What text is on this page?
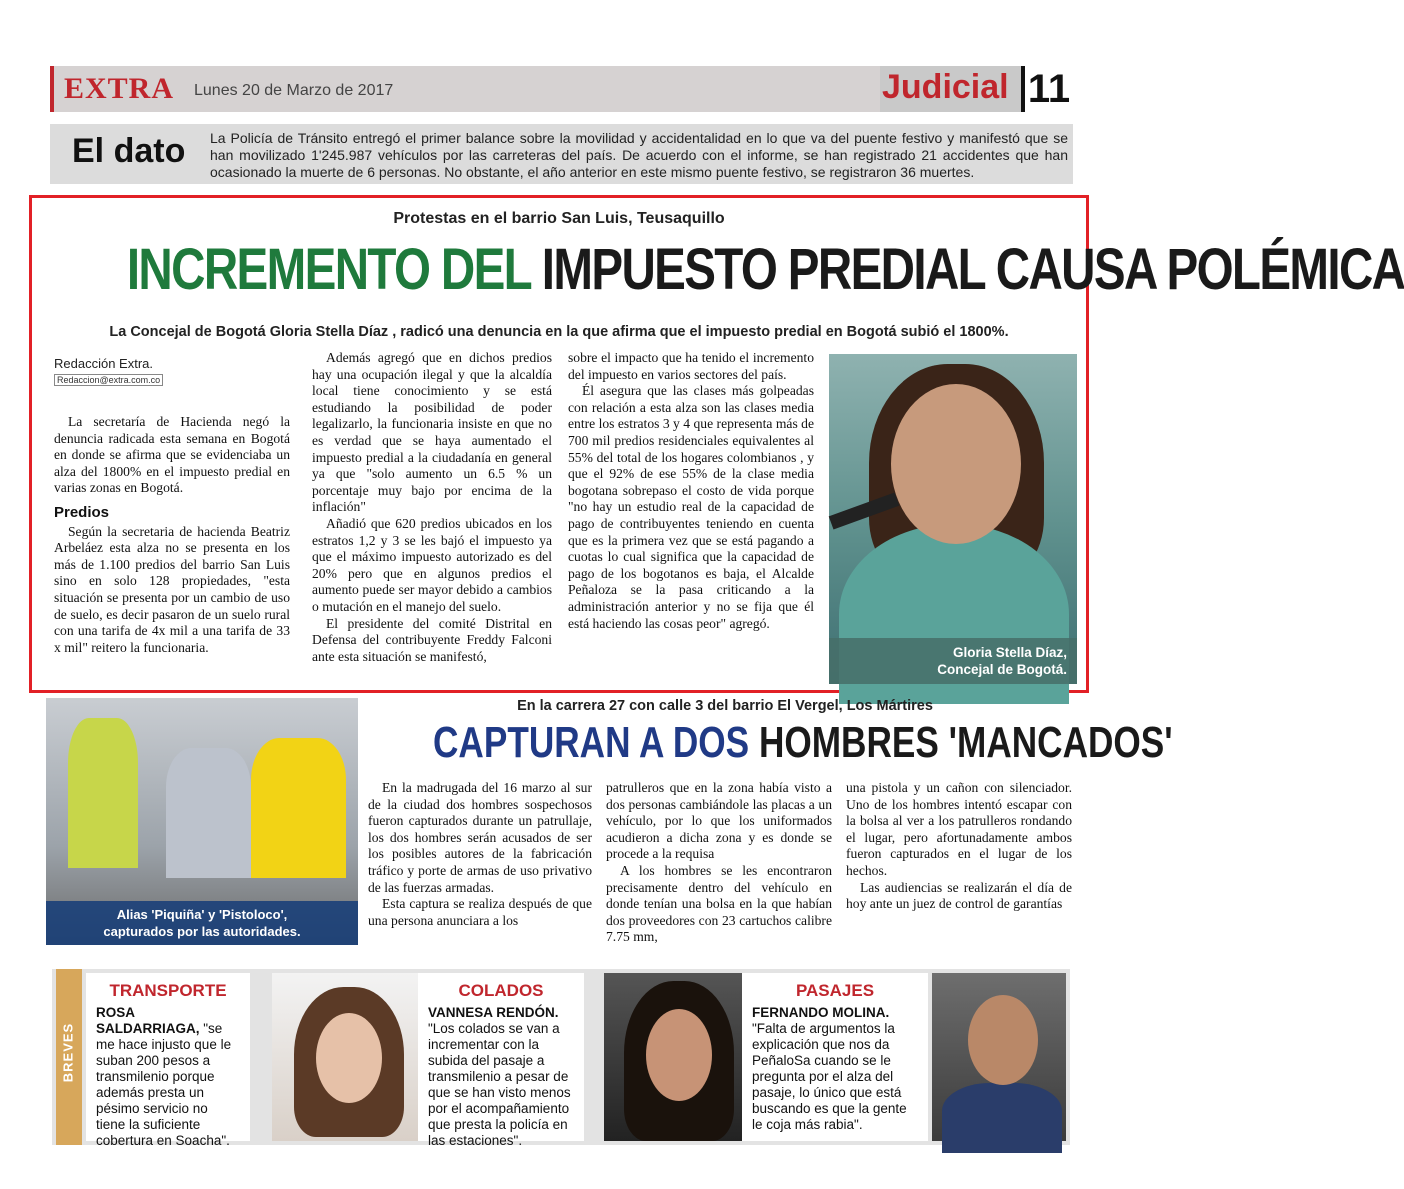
EXTRA Lunes 20 de Marzo de 2017	Judicial 11
El dato La Policía de Tránsito entregó el primer balance sobre la movilidad y accidentalidad en lo que va del puente festivo y manifestó que se han movilizado 1'245.987 vehículos por las carreteras del país. De acuerdo con el informe, se han registrado 21 accidentes que han ocasionado la muerte de 6 personas. No obstante, el año anterior en este mismo puente festivo, se registraron 36 muertes.

Protestas en el barrio San Luis, Teusaquillo
INCREMENTO DEL IMPUESTO PREDIAL CAUSA POLÉMICA
La Concejal de Bogotá Gloria Stella Díaz , radicó una denuncia en la que afirma que el impuesto predial en Bogotá subió el 1800%.
Redacción Extra.
Redaccion@extra.com.co

La secretaría de Hacienda negó la denuncia radicada esta semana en Bogotá en donde se afirma que se evidenciaba un alza del 1800% en el impuesto predial en varias zonas en Bogotá.

Predios

Según la secretaria de hacienda Beatriz Arbeláez esta alza no se presenta en los más de 1.100 predios del barrio San Luis sino en solo 128 propiedades, "esta situación se presenta por un cambio de uso de suelo, es decir pasaron de un suelo rural con una tarifa de 4x mil a una tarifa de 33 x mil" reitero la funcionaria.

Además agregó que en dichos predios hay una ocupación ilegal y que la alcaldía local tiene conocimiento y se está estudiando la posibilidad de poder legalizarlo, la funcionaria insiste en que no es verdad que se haya aumentado el impuesto predial a la ciudadanía en general ya que "solo aumento un 6.5 % un porcentaje muy bajo por encima de la inflación"

Añadió que 620 predios ubicados en los estratos 1,2 y 3 se les bajó el impuesto ya que el máximo impuesto autorizado es del 20% pero que en algunos predios el aumento puede ser mayor debido a cambios o mutación en el manejo del suelo.

El presidente del comité Distrital en Defensa del contribuyente Freddy Falconi ante esta situación se manifestó,

sobre el impacto que ha tenido el incremento del impuesto en varios sectores del país.

Él asegura que las clases más golpeadas con relación a esta alza son las clases media entre los estratos 3 y 4 que representa más de 700 mil predios residenciales equivalentes al 55% del total de los hogares colombianos , y que el 92% de ese 55% de la clase media bogotana sobrepaso el costo de vida porque "no hay un estudio real de la capacidad de pago de contribuyentes teniendo en cuenta que es la primera vez que se está pagando a cuotas lo cual significa que la capacidad de pago de los bogotanos es baja, el Alcalde Peñaloza se la pasa criticando a la administración anterior y no se fija que él está haciendo las cosas peor" agregó.

Gloria Stella Díaz,
Concejal de Bogotá.
Alias 'Piquiña' y 'Pistoloco',
capturados por las autoridades.
En la carrera 27 con calle 3 del barrio El Vergel, Los Mártires
CAPTURAN A DOS HOMBRES 'MANCADOS'

En la madrugada del 16 marzo al sur de la ciudad dos hombres sospechosos fueron capturados durante un patrullaje, los dos hombres serán acusados de ser los posibles autores de la fabricación tráfico y porte de armas de uso privativo de las fuerzas armadas.

Esta captura se realiza después de que una persona anunciara a los

patrulleros que en la zona había visto a dos personas cambiándole las placas a un vehículo, por lo que los uniformados acudieron a dicha zona y es donde se procede a la requisa

A los hombres se les encontraron precisamente dentro del vehículo en donde tenían una bolsa en la que habían dos proveedores con 23 cartuchos calibre 7.75 mm,

una pistola y un cañon con silenciador. Uno de los hombres intentó escapar con la bolsa al ver a los patrulleros rondando el lugar, pero afortunadamente ambos fueron capturados en el lugar de los hechos.

Las audiencias se realizarán el día de hoy ante un juez de control de garantías

BREVES
TRANSPORTE
ROSA SALDARRIAGA, "se me hace injusto que le suban 200 pesos a transmilenio porque además presta un pésimo servicio no tiene la suficiente cobertura en Soacha".
COLADOS
VANNESA RENDÓN. "Los colados se van a incrementar con la subida del pasaje a transmilenio a pesar de que se han visto menos por el acompañamiento que presta la policía en las estaciones".
PASAJES
FERNANDO MOLINA. "Falta de argumentos la explicación que nos da PeñaloSa cuando se le pregunta por el alza del pasaje, lo único que está buscando es que la gente le coja más rabia".
